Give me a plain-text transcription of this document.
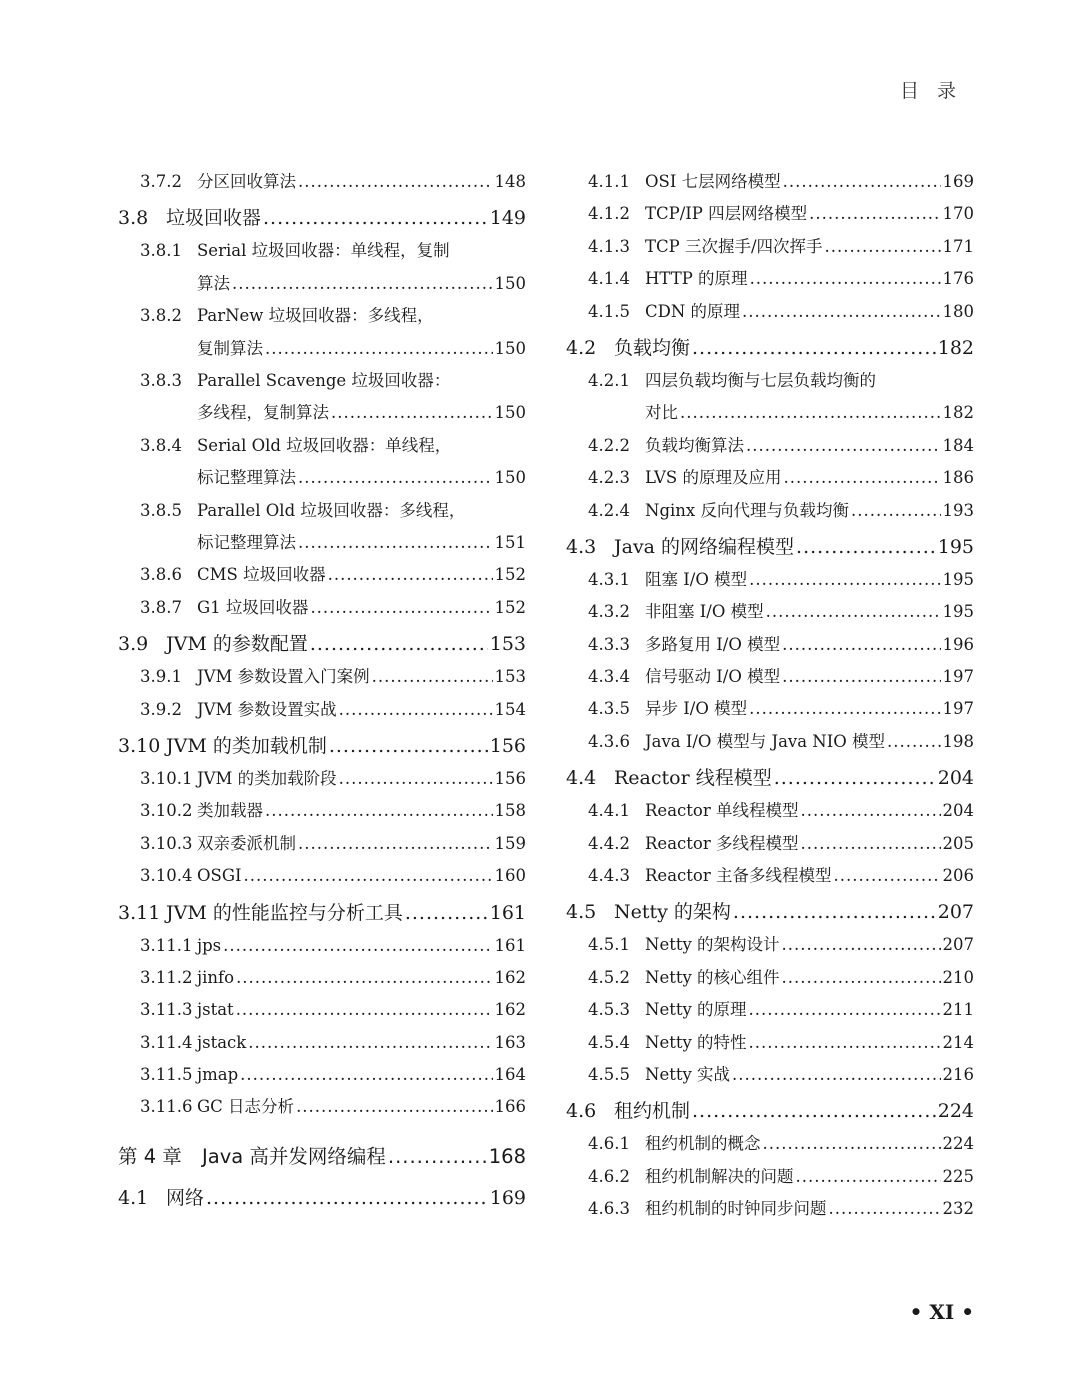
目录
3.7.2 分区回收算法 .....	148
3.8 垃圾回收器 .....	149
3.8.1 Serial 垃圾回收器：单线程，复制
算法 .....	150
3.8.2 ParNew 垃圾回收器：多线程，
复制算法 .....	150
3.8.3 Parallel Scavenge 垃圾回收器：
多线程，复制算法 .....	150
3.8.4 Serial Old 垃圾回收器：单线程，
标记整理算法 .....	150
3.8.5 Parallel Old 垃圾回收器：多线程，
标记整理算法 .....	151
3.8.6 CMS 垃圾回收器 .....	152
3.8.7 G1 垃圾回收器 .....	152
3.9 JVM 的参数配置 .....	153
3.9.1 JVM 参数设置入门案例 .....	153
3.9.2 JVM 参数设置实战 .....	154
3.10 JVM 的类加载机制 .....	156
3.10.1 JVM 的类加载阶段 .....	156
3.10.2 类加载器 .....	158
3.10.3 双亲委派机制 .....	159
3.10.4 OSGI .....	160
3.11 JVM 的性能监控与分析工具 .....	161
3.11.1 jps .....	161
3.11.2 jinfo .....	162
3.11.3 jstat .....	162
3.11.4 jstack .....	163
3.11.5 jmap .....	164
3.11.6 GC 日志分析 .....	166
第 4 章	Java 高并发网络编程 .....	168
4.1 网络 .....	169
4.1.1 OSI 七层网络模型 .....	169
4.1.2 TCP/IP 四层网络模型 .....	170
4.1.3 TCP 三次握手/四次挥手 .....	171
4.1.4 HTTP 的原理 .....	176
4.1.5 CDN 的原理 .....	180
4.2 负载均衡 .....	182
4.2.1 四层负载均衡与七层负载均衡的
对比 .....	182
4.2.2 负载均衡算法 .....	184
4.2.3 LVS 的原理及应用 .....	186
4.2.4 Nginx 反向代理与负载均衡 .....	193
4.3 Java 的网络编程模型 .....	195
4.3.1 阻塞 I/O 模型 .....	195
4.3.2 非阻塞 I/O 模型 .....	195
4.3.3 多路复用 I/O 模型 .....	196
4.3.4 信号驱动 I/O 模型 .....	197
4.3.5 异步 I/O 模型 .....	197
4.3.6 Java I/O 模型与 Java NIO 模型 .....	198
4.4 Reactor 线程模型 .....	204
4.4.1 Reactor 单线程模型 .....	204
4.4.2 Reactor 多线程模型 .....	205
4.4.3 Reactor 主备多线程模型 .....	206
4.5 Netty 的架构 .....	207
4.5.1 Netty 的架构设计 .....	207
4.5.2 Netty 的核心组件 .....	210
4.5.3 Netty 的原理 .....	211
4.5.4 Netty 的特性 .....	214
4.5.5 Netty 实战 .....	216
4.6 租约机制 .....	224
4.6.1 租约机制的概念 .....	224
4.6.2 租约机制解决的问题 .....	225
4.6.3 租约机制的时钟同步问题 .....	232
• XI •
